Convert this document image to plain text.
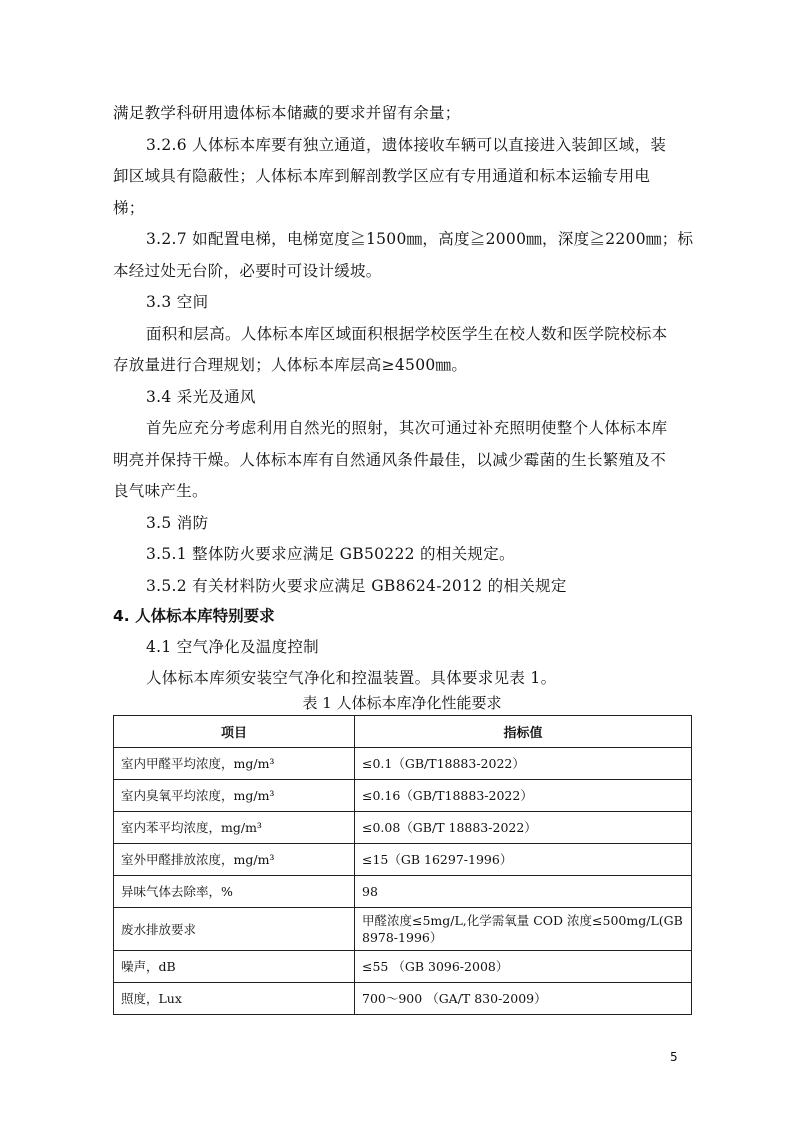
满足教学科研用遗体标本储藏的要求并留有余量；
3.2.6 人体标本库要有独立通道，遗体接收车辆可以直接进入装卸区域，装
卸区域具有隐蔽性；人体标本库到解剖教学区应有专用通道和标本运输专用电
梯；
3.2.7 如配置电梯，电梯宽度≧1500㎜，高度≧2000㎜，深度≧2200㎜；标
本经过处无台阶，必要时可设计缓坡。
3.3 空间
面积和层高。人体标本库区域面积根据学校医学生在校人数和医学院校标本
存放量进行合理规划；人体标本库层高≥4500㎜。
3.4 采光及通风
首先应充分考虑利用自然光的照射，其次可通过补充照明使整个人体标本库
明亮并保持干燥。人体标本库有自然通风条件最佳，以减少霉菌的生长繁殖及不
良气味产生。
3.5 消防
3.5.1 整体防火要求应满足 GB50222 的相关规定。
3.5.2 有关材料防火要求应满足 GB8624-2012 的相关规定
4. 人体标本库特别要求
4.1 空气净化及温度控制
人体标本库须安装空气净化和控温装置。具体要求见表 1。
表 1 人体标本库净化性能要求
项目	指标值
室内甲醛平均浓度，mg/m³	≤0.1（GB/T18883-2022）
室内臭氧平均浓度，mg/m³	≤0.16（GB/T18883-2022）
室内苯平均浓度，mg/m³	≤0.08（GB/T 18883-2022）
室外甲醛排放浓度，mg/m³	≤15（GB 16297-1996）
异味气体去除率，%	98
废水排放要求	甲醛浓度≤5mg/L,化学需氧量 COD 浓度≤500mg/L(GB 8978-1996）
噪声，dB	≤55 （GB 3096-2008）
照度，Lux	700～900 （GA/T 830-2009）
5
